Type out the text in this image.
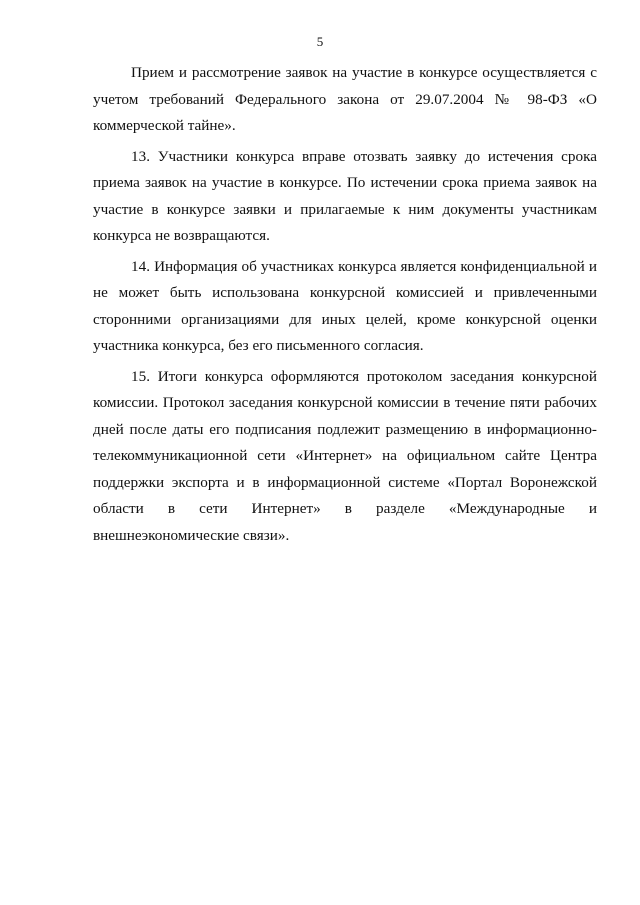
5

Прием и рассмотрение заявок на участие в конкурсе осуществляется с
учетом требований Федерального закона от 29.07.2004 № 98-ФЗ «О
коммерческой тайне».

13. Участники конкурса вправе отозвать заявку до истечения срока
приема заявок на участие в конкурсе. По истечении срока приема заявок на
участие в конкурсе заявки и прилагаемые к ним документы участникам
конкурса не возвращаются.

14. Информация об участниках конкурса является конфиденциальной и
не может быть использована конкурсной комиссией и привлеченными
сторонними организациями для иных целей, кроме конкурсной оценки
участника конкурса, без его письменного согласия.

15. Итоги конкурса оформляются протоколом заседания конкурсной
комиссии. Протокол заседания конкурсной комиссии в течение пяти рабочих
дней после даты его подписания подлежит размещению в информационно-
телекоммуникационной сети «Интернет» на официальном сайте Центра
поддержки экспорта и в информационной системе «Портал Воронежской
области в сети Интернет» в разделе «Международные и
внешнеэкономические связи».
